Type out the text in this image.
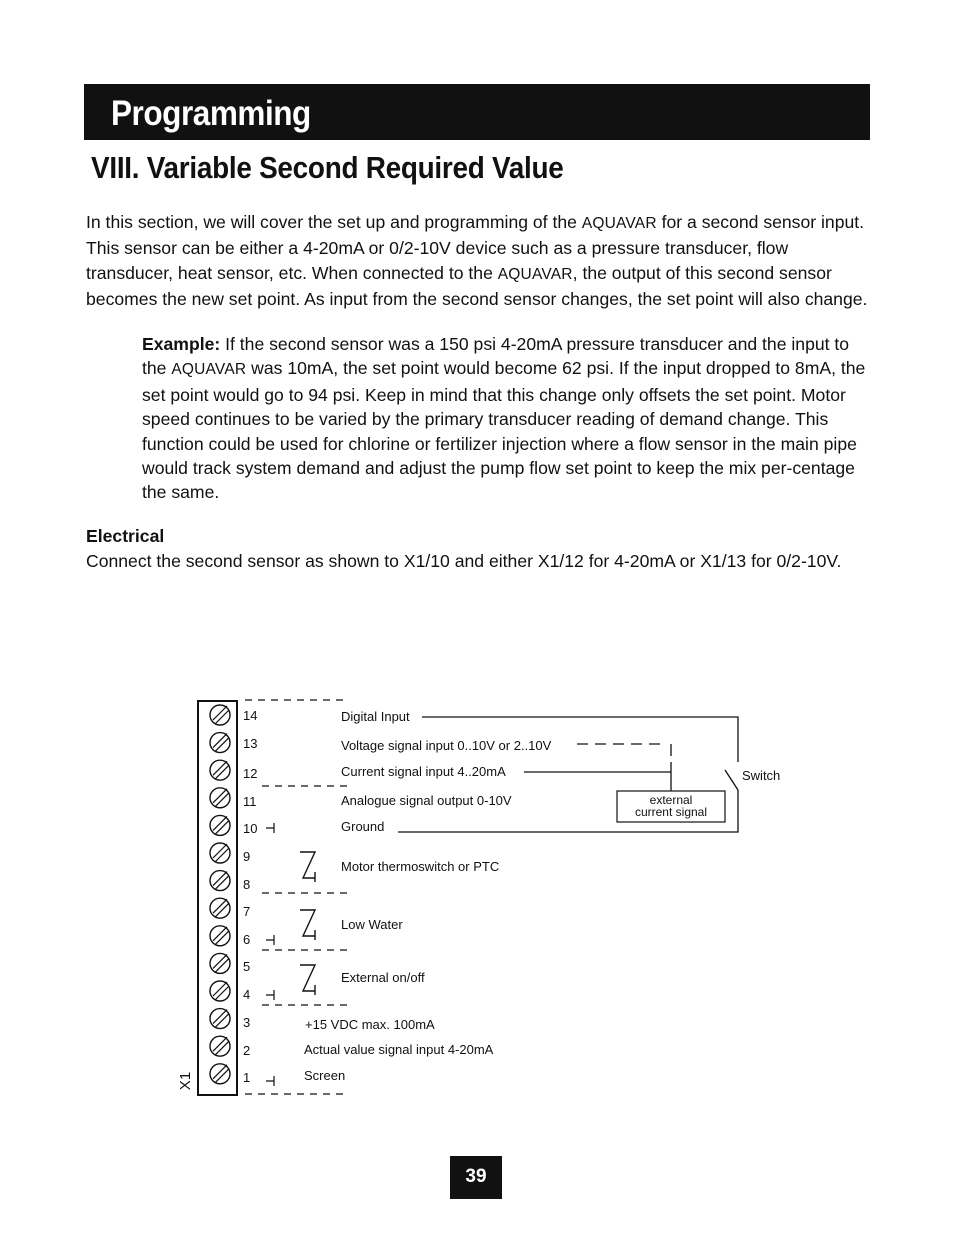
Programming
VIII. Variable Second Required Value

In this section, we will cover the set up and programming of the AQUAVAR for a second sensor input. This sensor can be either a 4-20mA or 0/2-10V device such as a pressure transducer, flow transducer, heat sensor, etc. When connected to the AQUAVAR, the output of this second sensor becomes the new set point. As input from the second sensor changes, the set point will also change.

Example: If the second sensor was a 150 psi 4-20mA pressure transducer and the input to the AQUAVAR was 10mA, the set point would become 62 psi. If the input dropped to 8mA, the set point would go to 94 psi. Keep in mind that this change only offsets the set point. Motor speed continues to be varied by the primary transducer reading of demand change. This function could be used for chlorine or fertilizer injection where a flow sensor in the main pipe would track system demand and adjust the pump flow set point to keep the mix per-centage the same.

Electrical
Connect the second sensor as shown to X1/10 and either X1/12 for 4-20mA or X1/13 for 0/2-10V.
X1
14
13
12
11
10
9
8
7
6
5
4
3
2
1
Digital Input
Voltage signal input 0..10V or 2..10V
Current signal input 4..20mA
Analogue signal output 0-10V
Ground
Motor thermoswitch or PTC
Low Water
External on/off
+15 VDC max. 100mA
Actual value signal input 4-20mA
Screen
Switch
external
current signal
39
